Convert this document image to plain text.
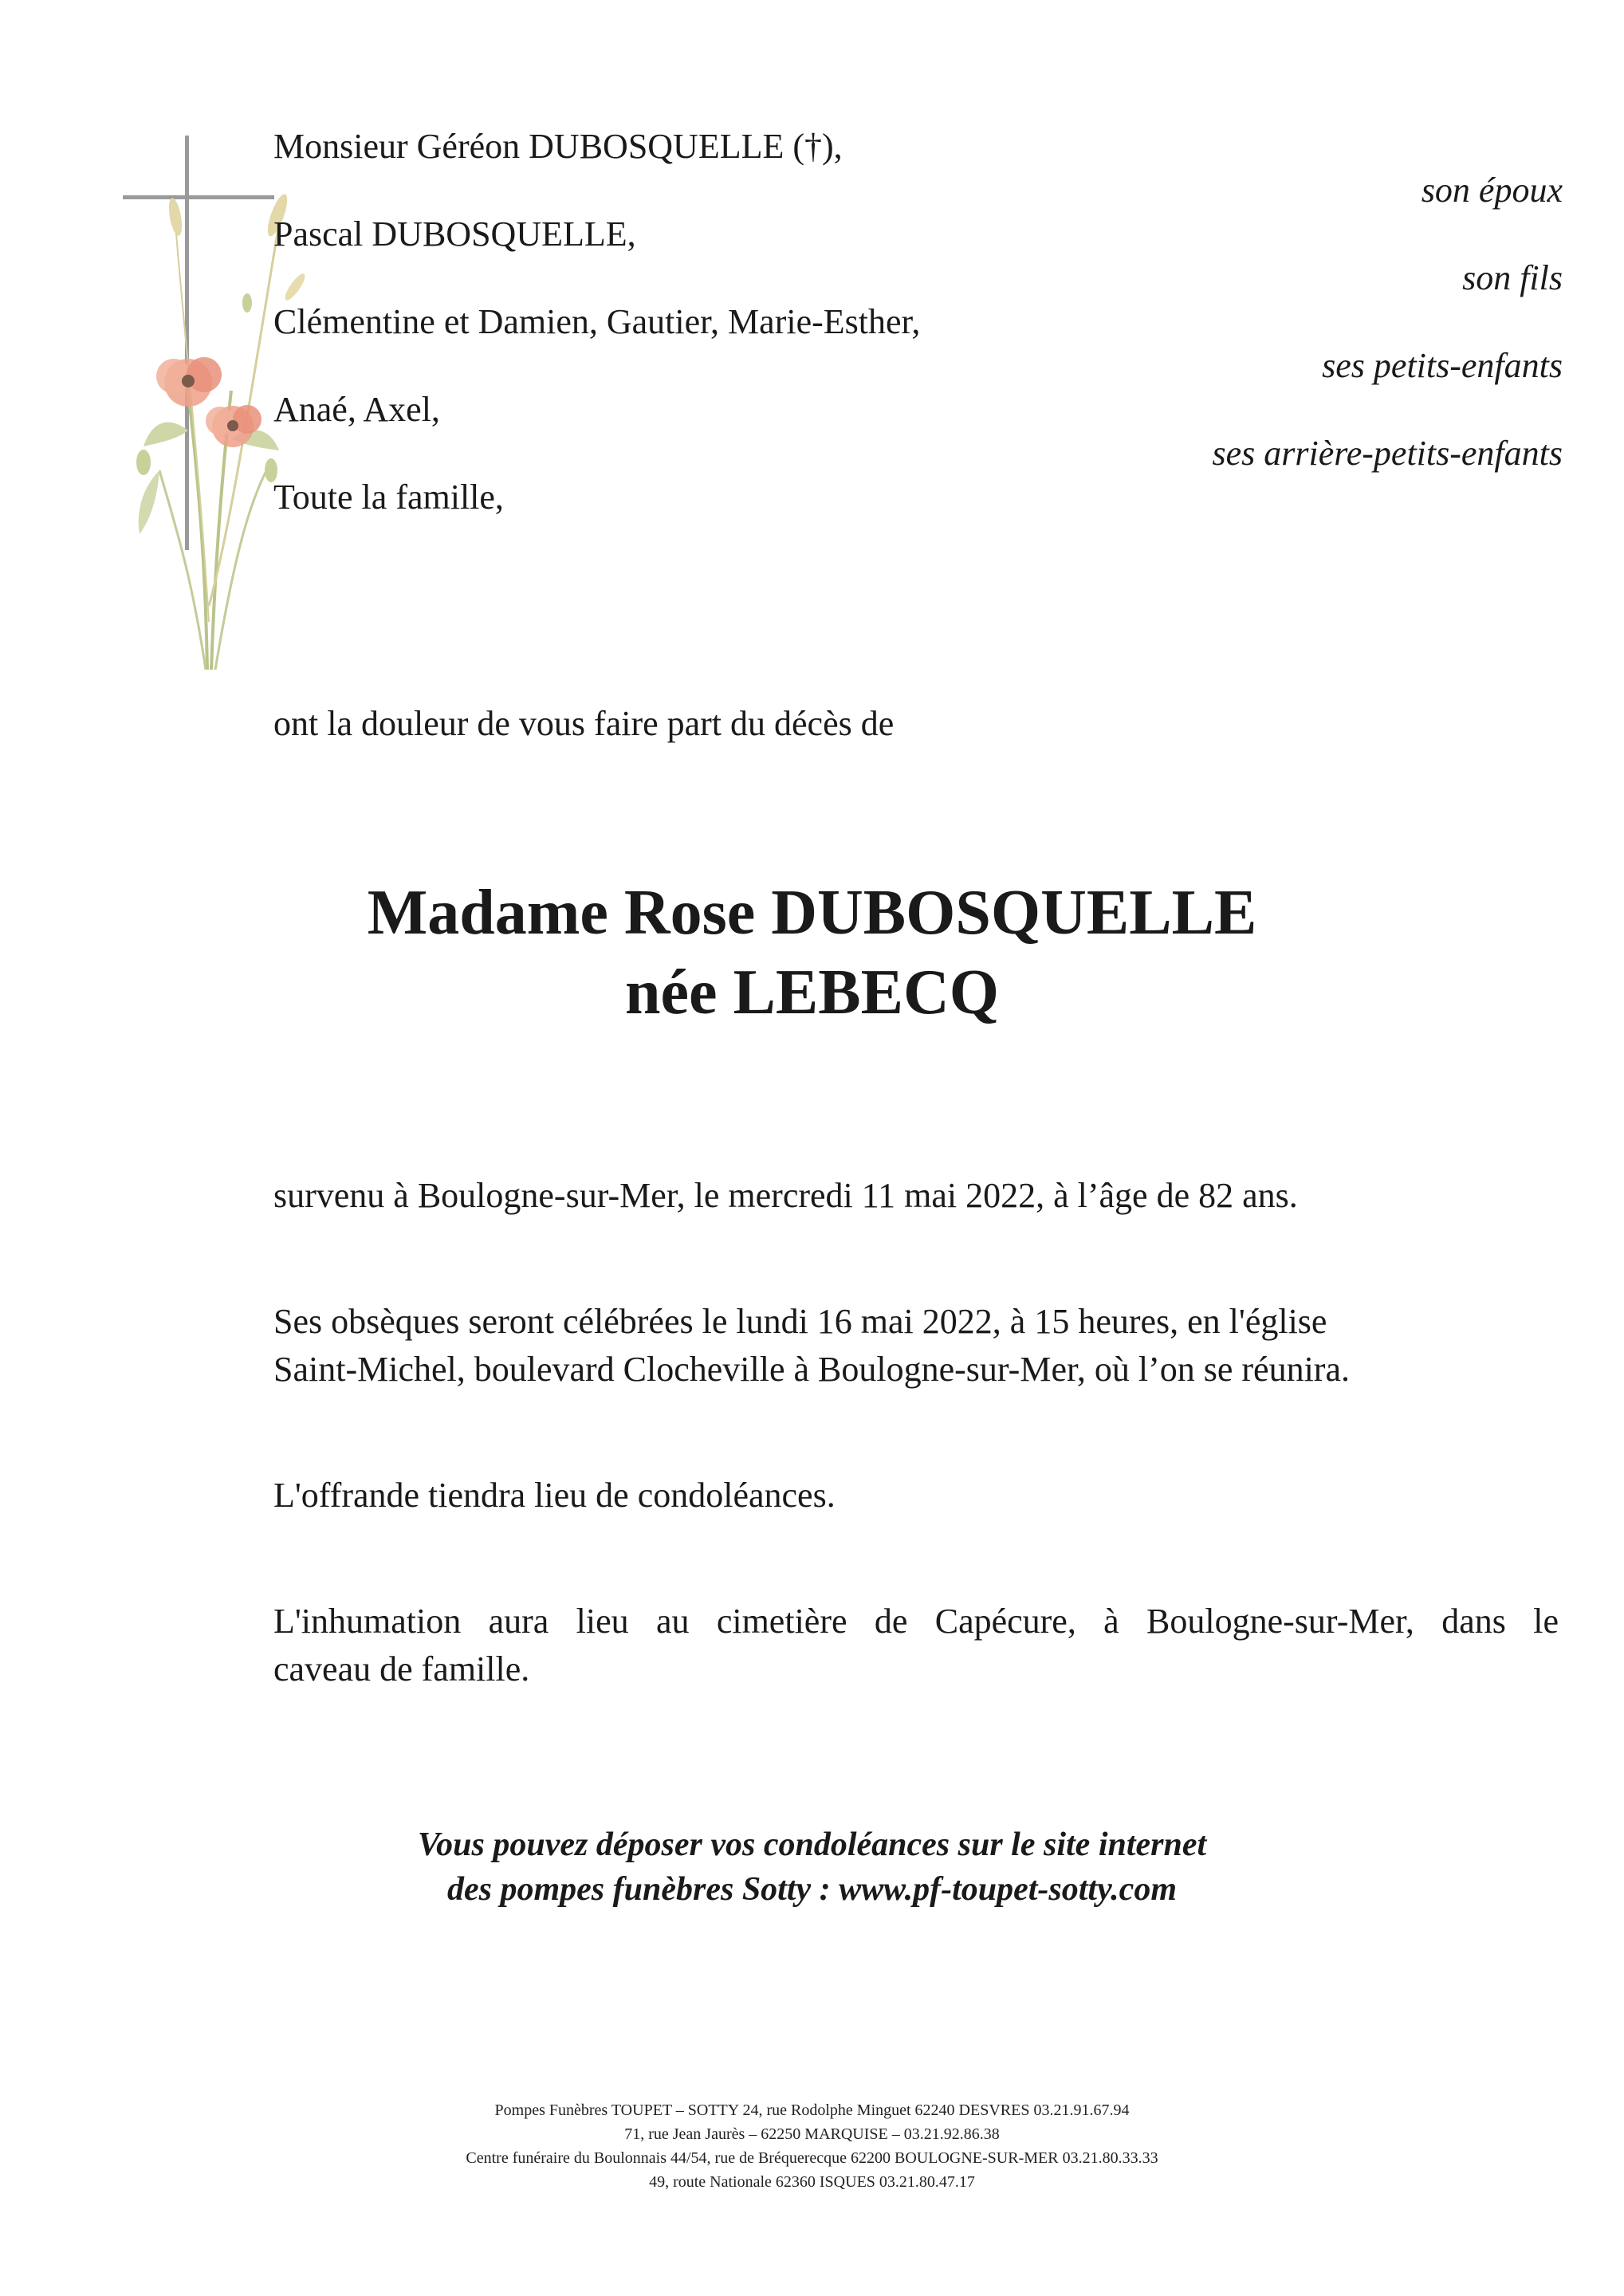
Monsieur Géréon DUBOSQUELLE (†),
Pascal DUBOSQUELLE,
Clémentine et Damien, Gautier, Marie-Esther,
Anaé, Axel,
Toute la famille,
son époux
son fils
ses petits-enfants
ses arrière-petits-enfants
ont la douleur de vous faire part du décès de
Madame Rose DUBOSQUELLE
née LEBECQ
survenu à Boulogne-sur-Mer, le mercredi 11 mai 2022, à l’âge de 82 ans.
Ses obsèques seront célébrées le lundi 16 mai 2022, à 15 heures, en l'église
Saint-Michel, boulevard Clocheville à Boulogne-sur-Mer, où l’on se réunira.
L'offrande tiendra lieu de condoléances.
L'inhumation aura lieu au cimetière de Capécure, à Boulogne-sur-Mer, dans le
caveau de famille.
Vous pouvez déposer vos condoléances sur le site internet
des pompes funèbres Sotty : www.pf-toupet-sotty.com
Pompes Funèbres TOUPET – SOTTY 24, rue Rodolphe Minguet 62240 DESVRES 03.21.91.67.94
71, rue Jean Jaurès – 62250 MARQUISE – 03.21.92.86.38
Centre funéraire du Boulonnais 44/54, rue de Bréquerecque 62200 BOULOGNE-SUR-MER 03.21.80.33.33
49, route Nationale 62360 ISQUES 03.21.80.47.17
